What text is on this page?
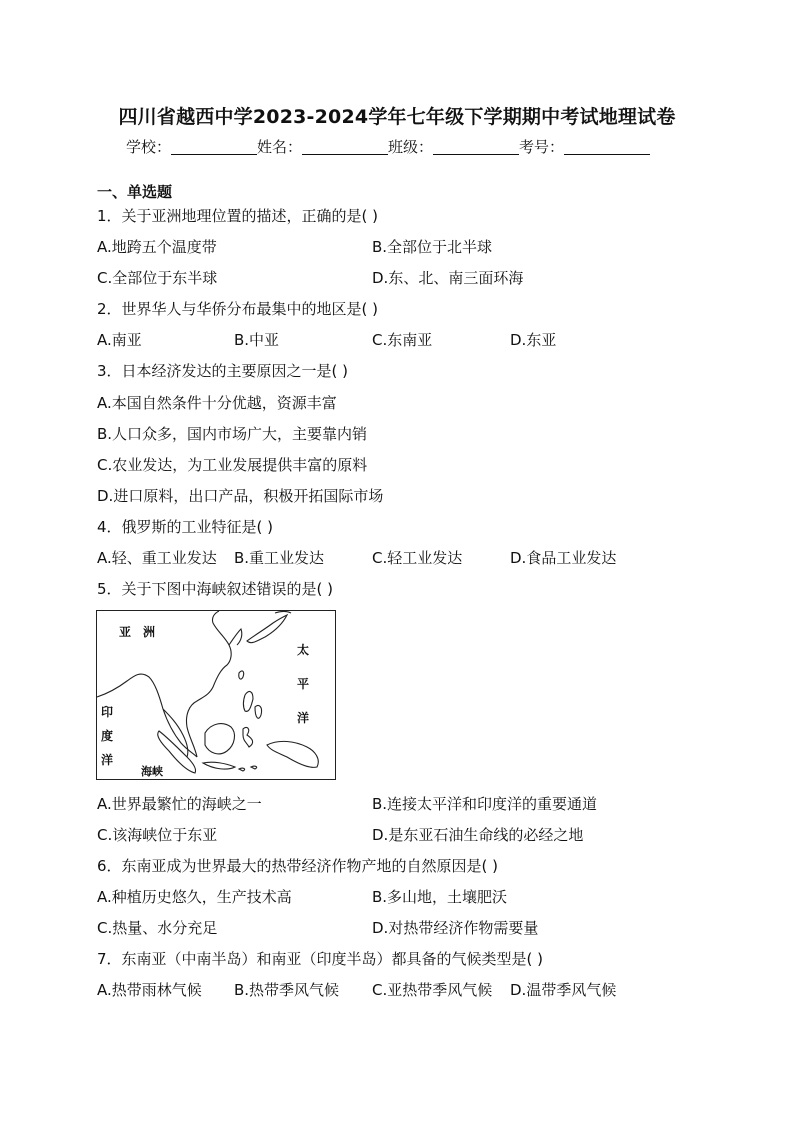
四川省越西中学2023-2024学年七年级下学期期中考试地理试卷
学校：	姓名：	班级：	考号：
一、单选题
1．关于亚洲地理位置的描述，正确的是( )
A.地跨五个温度带	B.全部位于北半球
C.全部位于东半球	D.东、北、南三面环海
2．世界华人与华侨分布最集中的地区是( )
A.南亚	B.中亚	C.东南亚	D.东亚
3．日本经济发达的主要原因之一是( )
A.本国自然条件十分优越，资源丰富
B.人口众多，国内市场广大，主要靠内销
C.农业发达，为工业发展提供丰富的原料
D.进口原料，出口产品，积极开拓国际市场
4．俄罗斯的工业特征是( )
A.轻、重工业发达 B.重工业发达	C.轻工业发达	D.食品工业发达
5．关于下图中海峡叙述错误的是( )
亚　洲
太
平
洋
印
度
洋
海峡
A.世界最繁忙的海峡之一	B.连接太平洋和印度洋的重要通道
C.该海峡位于东亚	D.是东亚石油生命线的必经之地
6．东南亚成为世界最大的热带经济作物产地的自然原因是( )
A.种植历史悠久，生产技术高	B.多山地，土壤肥沃
C.热量、水分充足	D.对热带经济作物需要量
7．东南亚（中南半岛）和南亚（印度半岛）都具备的气候类型是( )
A.热带雨林气候 B.热带季风气候 C.亚热带季风气候 D.温带季风气候
